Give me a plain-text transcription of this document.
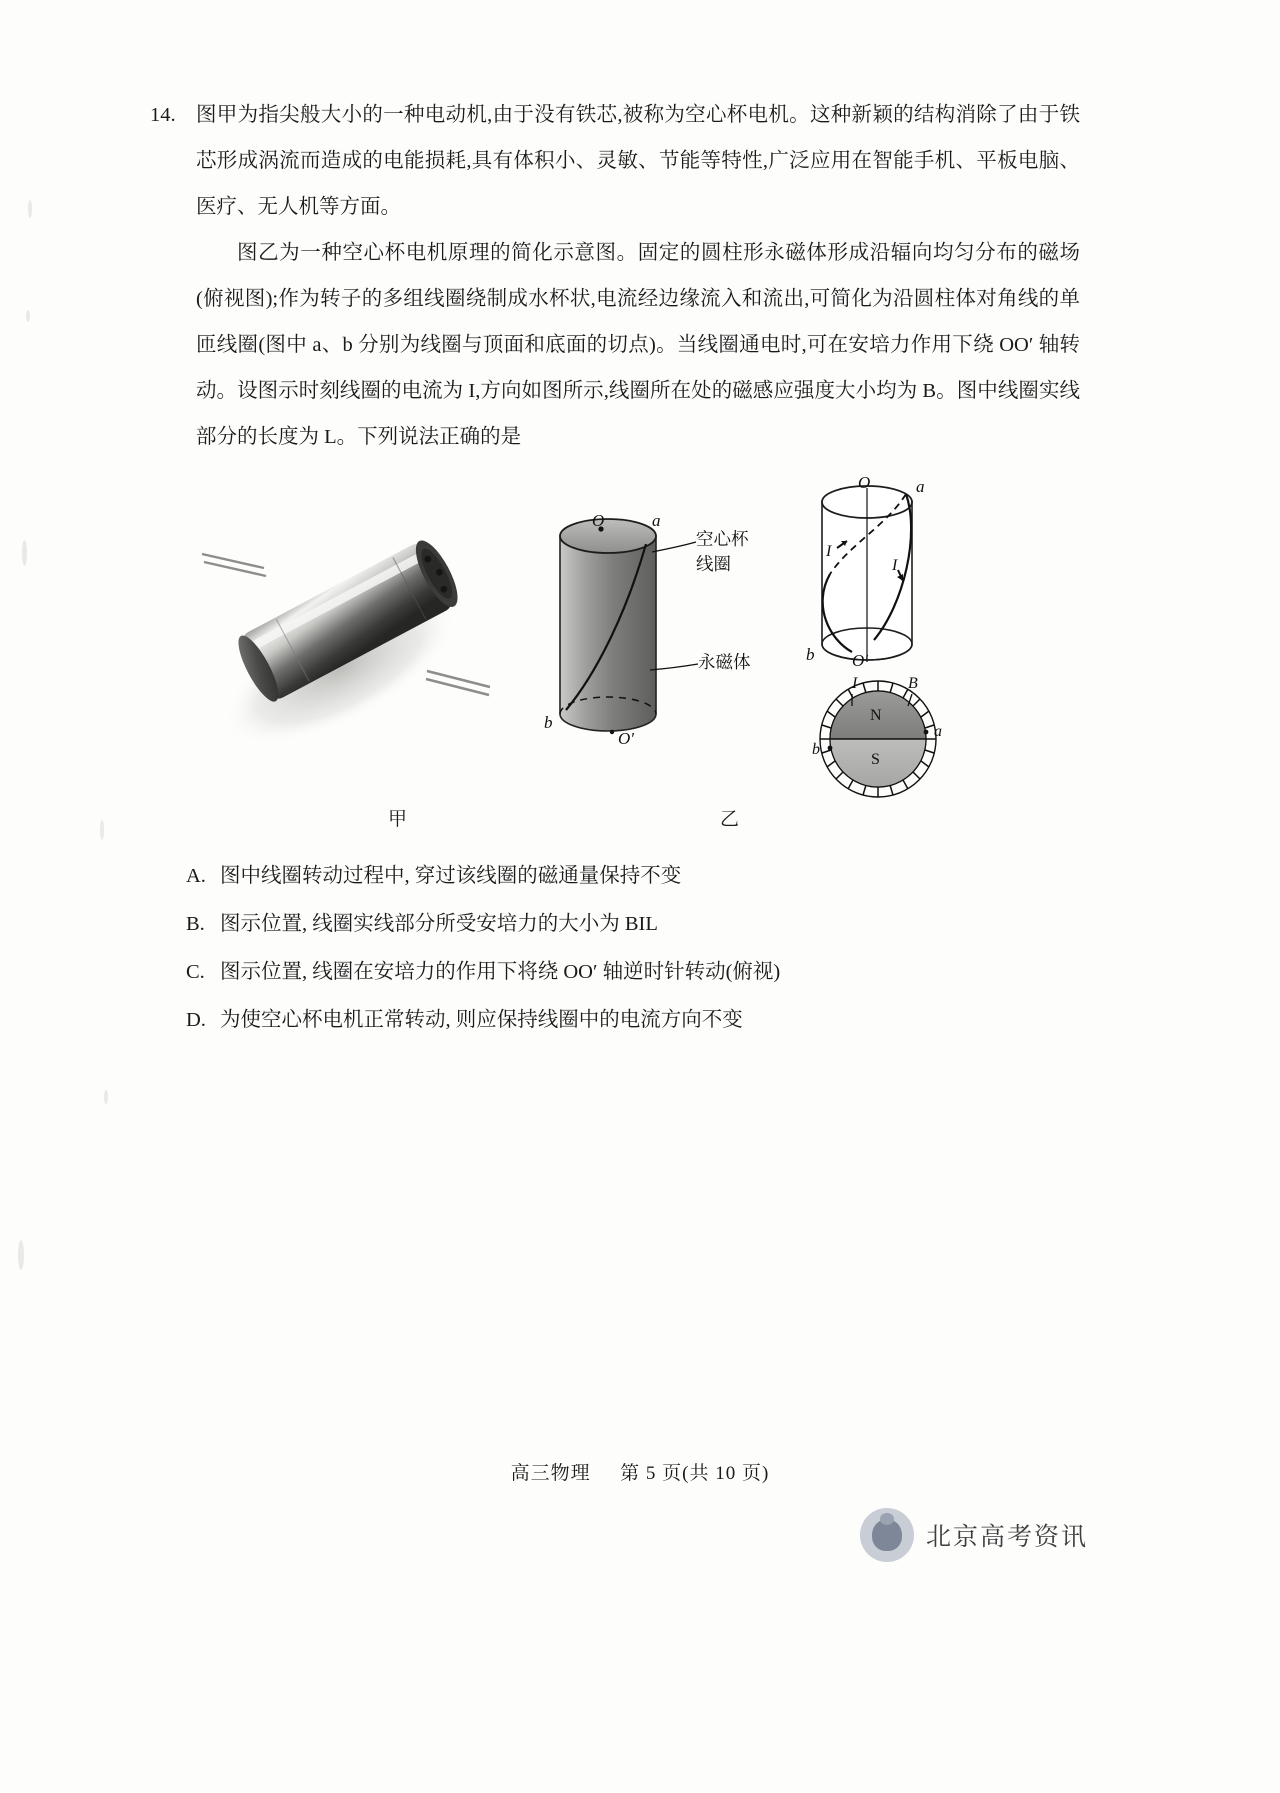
14. 图甲为指尖般大小的一种电动机,由于没有铁芯,被称为空心杯电机。这种新颖的结构消除了由于铁芯形成涡流而造成的电能损耗,具有体积小、灵敏、节能等特性,广泛应用在智能手机、平板电脑、医疗、无人机等方面。
图乙为一种空心杯电机原理的简化示意图。固定的圆柱形永磁体形成沿辐向均匀分布的磁场(俯视图);作为转子的多组线圈绕制成水杯状,电流经边缘流入和流出,可简化为沿圆柱体对角线的单匝线圈(图中 a、b 分别为线圈与顶面和底面的切点)。当线圈通电时,可在安培力作用下绕 OO′ 轴转动。设图示时刻线圈的电流为 I,方向如图所示,线圈所在处的磁感应强度大小均为 B。图中线圈实线部分的长度为 L。下列说法正确的是
甲
O	a
b
O′
O
O′
a
b
I
I
N
S
a
b
I	B
空心杯
线圈
永磁体
乙
A. 图中线圈转动过程中, 穿过该线圈的磁通量保持不变
B. 图示位置, 线圈实线部分所受安培力的大小为 BIL
C. 图示位置, 线圈在安培力的作用下将绕 OO′ 轴逆时针转动(俯视)
D. 为使空心杯电机正常转动, 则应保持线圈中的电流方向不变
高三物理 第 5 页(共 10 页)
北京高考资讯
